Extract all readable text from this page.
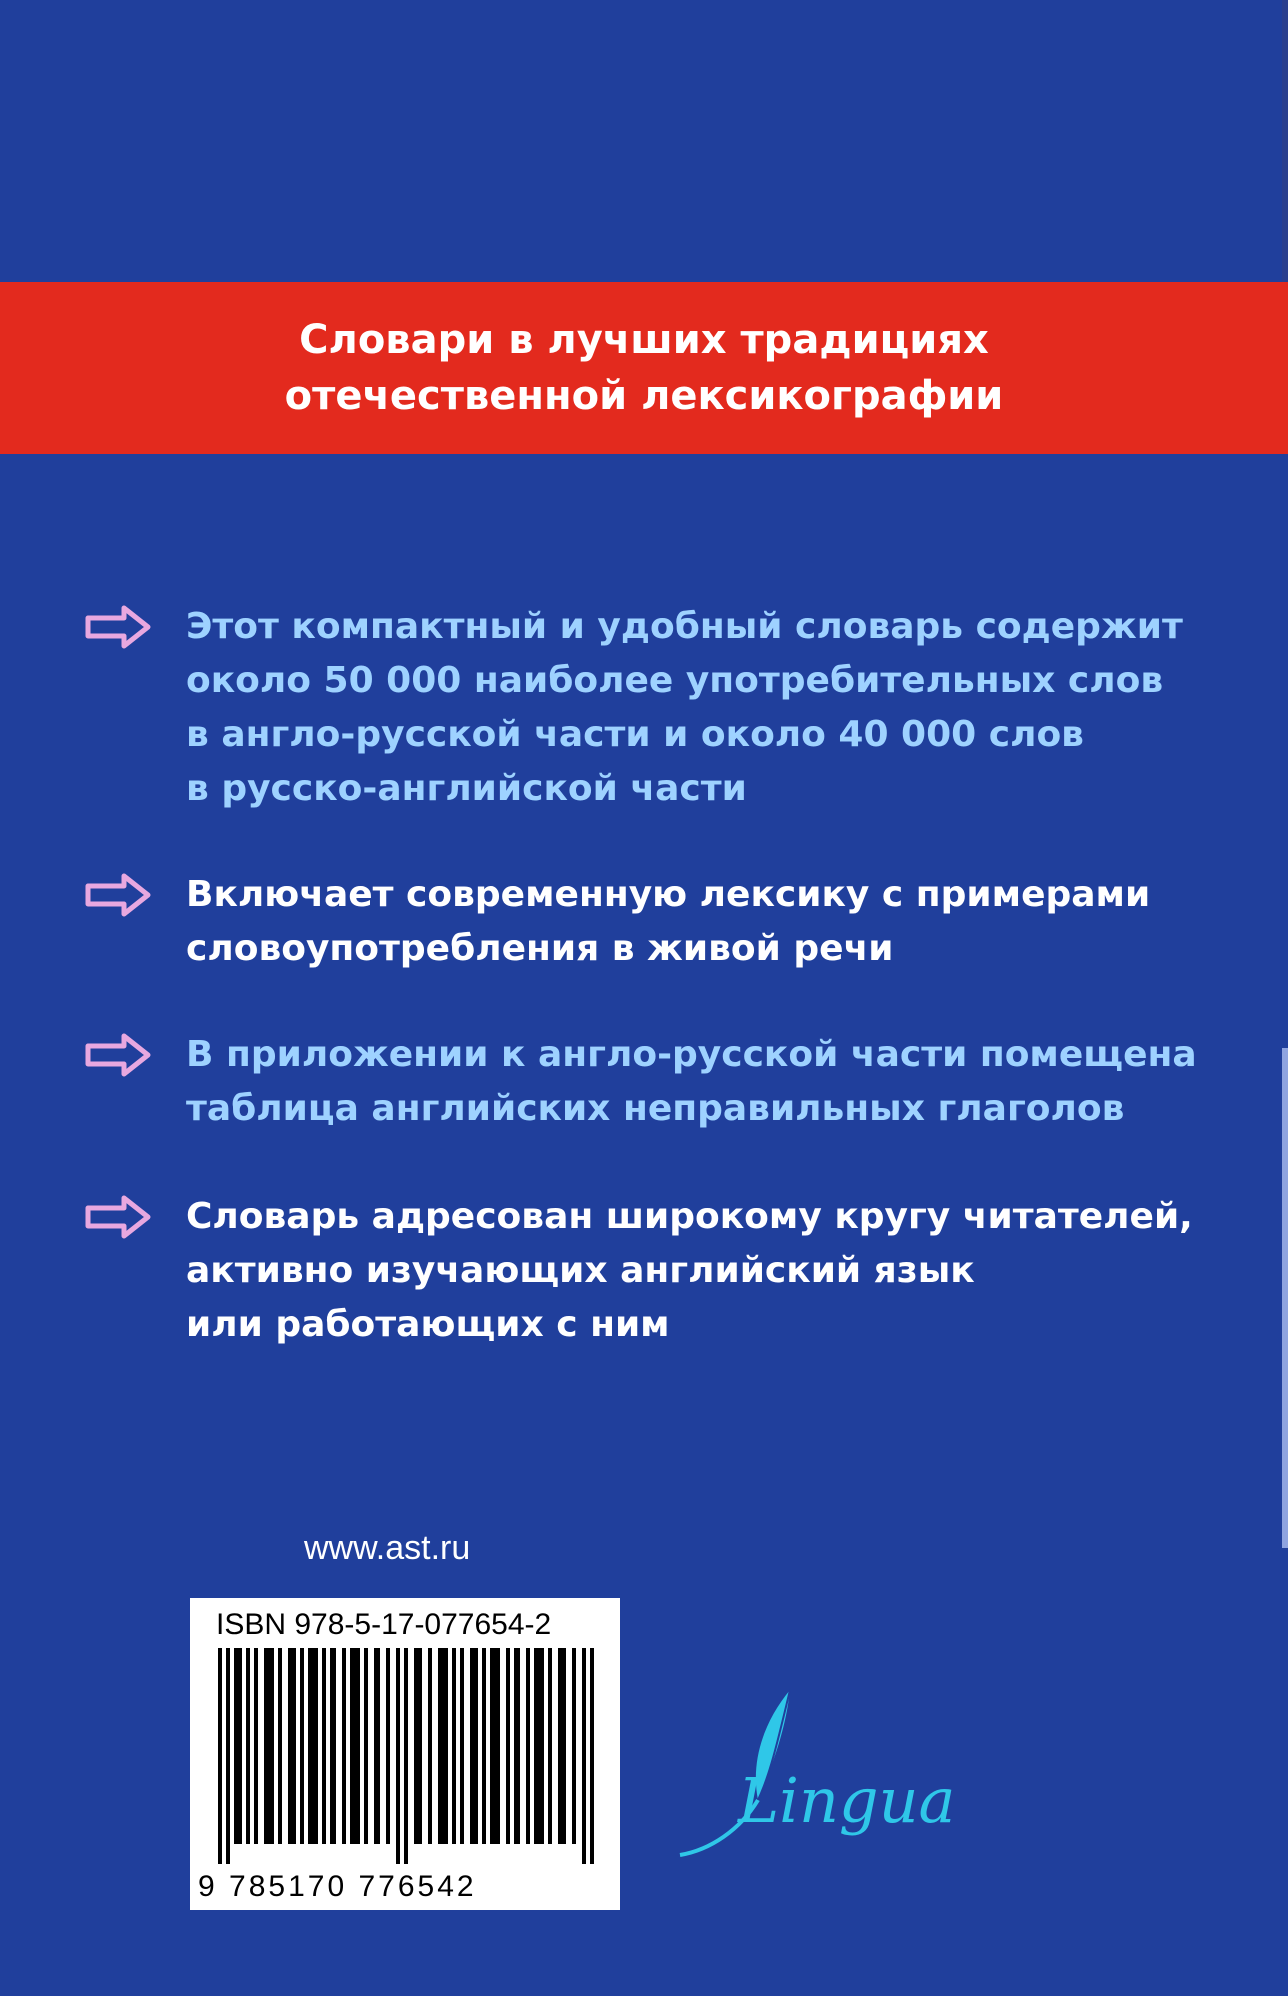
Словари в лучших традициях
отечественной лексикографии
Этот компактный и удобный словарь содержит
около 50 000 наиболее употребительных слов
в англо-русской части и около 40 000 слов
в русско-английской части
Включает современную лексику с примерами
словоупотребления в живой речи
В приложении к англо-русской части помещена
таблица английских неправильных глаголов
Словарь адресован широкому кругу читателей,
активно изучающих английский язык
или работающих с ним
www.ast.ru
ISBN 978-5-17-077654-2
9 785170 776542
Lingua
